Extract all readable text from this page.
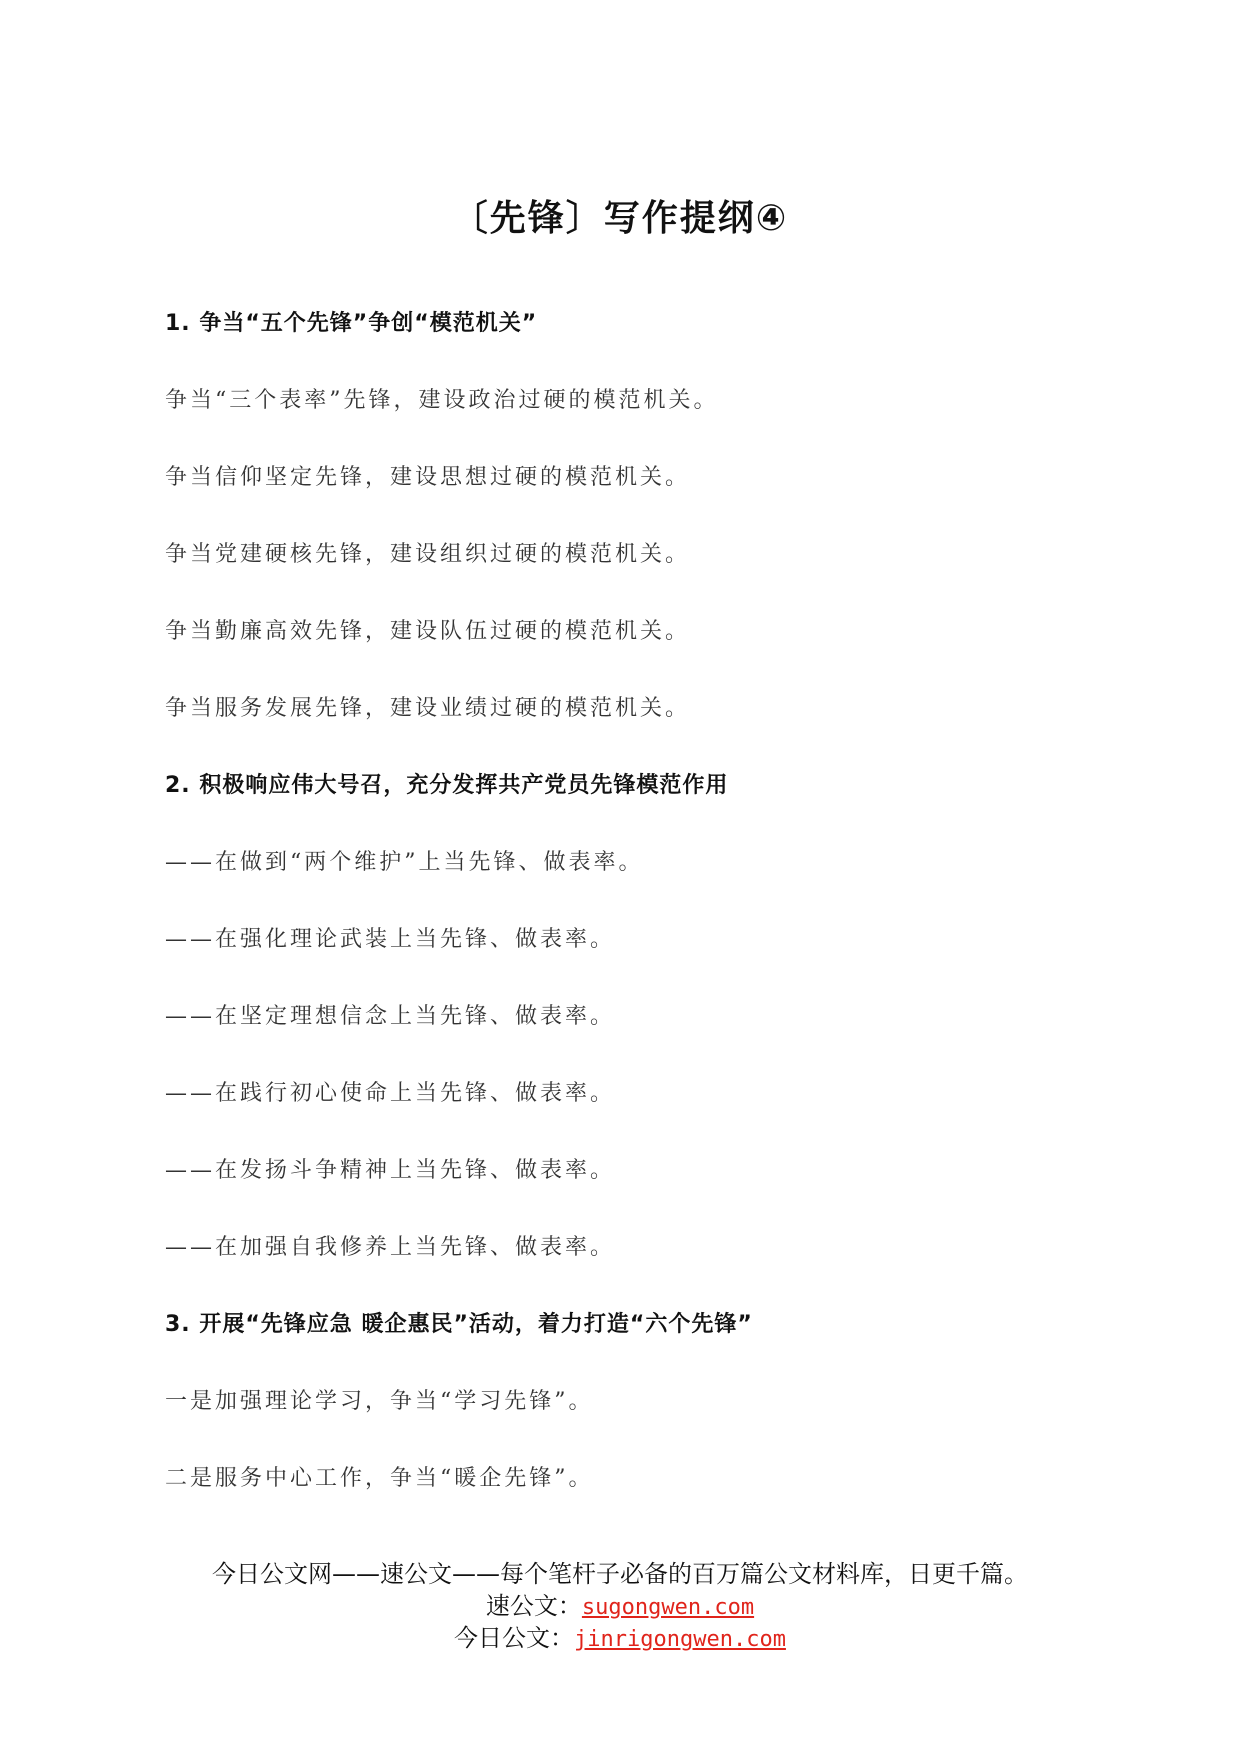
〔先锋〕写作提纲④
1. 争当“五个先锋”争创“模范机关”
争当“三个表率”先锋，建设政治过硬的模范机关。
争当信仰坚定先锋，建设思想过硬的模范机关。
争当党建硬核先锋，建设组织过硬的模范机关。
争当勤廉高效先锋，建设队伍过硬的模范机关。
争当服务发展先锋，建设业绩过硬的模范机关。
2. 积极响应伟大号召，充分发挥共产党员先锋模范作用
——在做到“两个维护”上当先锋、做表率。
——在强化理论武装上当先锋、做表率。
——在坚定理想信念上当先锋、做表率。
——在践行初心使命上当先锋、做表率。
——在发扬斗争精神上当先锋、做表率。
——在加强自我修养上当先锋、做表率。
3. 开展“先锋应急 暖企惠民”活动，着力打造“六个先锋”
一是加强理论学习，争当“学习先锋”。
二是服务中心工作，争当“暖企先锋”。
今日公文网——速公文——每个笔杆子必备的百万篇公文材料库，日更千篇。
速公文：sugongwen.com
今日公文：jinrigongwen.com
